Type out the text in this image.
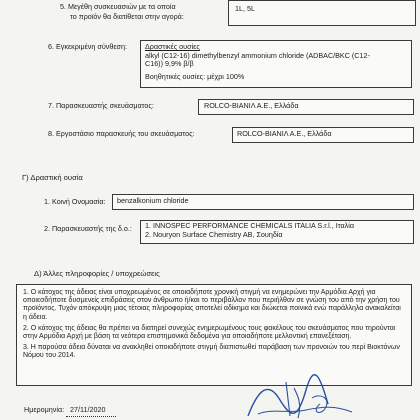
5. Μεγέθη συσκευασιών με τα οποία
το προϊόν θα διατίθεται στην αγορά:
1L, 5L
6. Εγκεκριμένη σύνθεση:	Δραστικές ουσίες
alkyl (C12-16) dimethylbenzyl ammonium chloride (ADBAC/BKC (C12-
C16)) 9,9% β/β
Βοηθητικές ουσίες: μέχρι 100%
7. Παρασκευαστής σκευάσματος:	ROLCO-ΒΙΑΝΙΛ Α.Ε., Ελλάδα
8. Εργοστάσιο παρασκευής του σκευάσματος:	ROLCO-ΒΙΑΝΙΛ Α.Ε., Ελλάδα
Γ) Δραστική ουσία
1. Κοινή Ονομασία:	benzalkonium chloride
2. Παρασκευαστής της δ.ο.: 1. INNOSPEC PERFORMANCE CHEMICALS ITALIA S.r.l., Ιταλία
2. Nouryon Surface Chemistry AB, Σουηδία
Δ) Άλλες πληροφορίες / υποχρεώσεις
1. Ο κάτοχος της άδειας είναι υποχρεωμένος σε οποιαδήποτε χρονική στιγμή να ενημερώνει την Αρμόδια Αρχή για οποιεσδήποτε δυσμενείς επιδράσεις στον άνθρωπο ή/και το περιβάλλον που περιήλθαν σε γνώση του από την χρήση του προϊόντος. Τυχόν απόκρυψη μιας τέτοιας πληροφορίας αποτελεί αδίκημα και διώκεται ποινικά ενώ παράλληλα ανακαλείται η άδεια.
2. Ο κάτοχος της άδειας θα πρέπει να διατηρεί συνεχώς ενημερωμένους τους φακέλους του σκευάσματος που τηρούνται στην Αρμόδια Αρχή με βάση τα νεότερα επιστημονικά δεδομένα για οποιαδήποτε μελλοντική επανεξέταση.
3. Η παρούσα άδεια δύναται να ανακληθεί οποιαδήποτε στιγμή διαπιστωθεί παράβαση των προνοιών του περί Βιοκτόνων Νόμου του 2014.
Ημερομηνία: 27/11/2020
